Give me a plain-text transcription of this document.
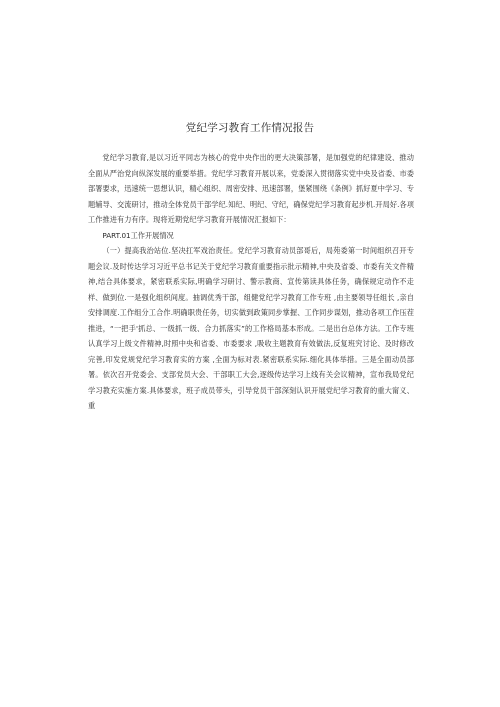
党纪学习教育工作情况报告

党纪学习教育,是以习近平同志为核心的党中央作出的更大决策部署，是加强党的纪律建设、推动全面从严治党向纵深发展的重要举措。党纪学习教育开展以来，党委深入贯彻落实党中央及省委、市委部署要求，迅速统一思想认识，精心组织、周密安排、迅速部署，堡紧围绕《条例》抓好夏中学习、专题辅导、交流研讨，推动全体党员干部学纪.知纪、明纪、守纪，确保党纪学习教育起步机.开局好.各项工作推进有力有序。现将近期党纪学习教育开展情况汇报如下：

PART.01工作开展情况

（一）提高我治站位.坚决扛军戏治责任。党纪学习教育动员部哥后，局苑委第一时间组织召开专题会议.及时传达学习习近平总书记关于党纪学习教育重要指示批示精神,中央及省委、市委有关文件精神,结合具体要求，紧密联系实际,明确学习研讨、警示教商、宣传第读具体任务，确保规定动作不走样、做到位.一是强化组织间度。抽调优秀干部，组健党纪学习教育工作专班 ,由主要领导任组长 ,亲自安排调度.工作组分工合作.明确职贵任务，切实做到政策同步掌握、工作同步谋划，推动各项工作压茬推进，“一把手'抓总、一级抓一级、合力抓落实”的工作格局基本形成。二是出台总体方法。工作专班认真学习上级文件精神,时照中央和省委、市委要求 ,吸收主题教育有效做法,反复班究讨论、及时修改完善,印发党规党纪学习教育实的方案 ,全面为标对表.紧密联系实际.细化具体举措。三是全面动员部署。依次召开党委会、支部党员大会、干部职工大会,逐级传达学习上线有关会议精神，宣布我局党纪学习教充实施方案.具体要求，班子成员带头，引导党员干部深刻认识开展党纪学习教育的重大甯义、重
